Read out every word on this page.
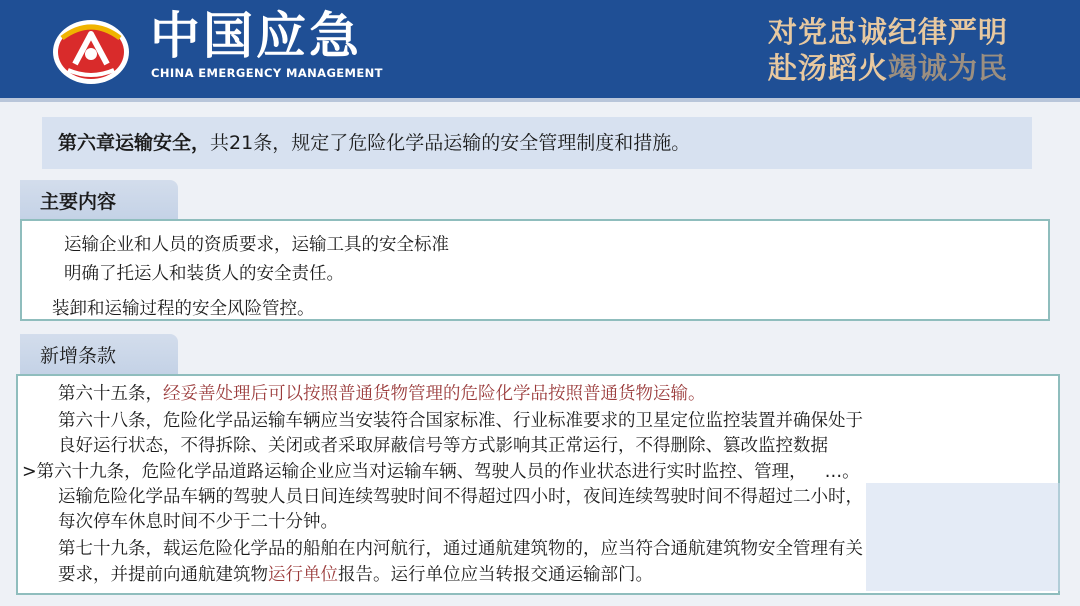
中国应急
CHINA EMERGENCY MANAGEMENT
对党忠诚纪律严明
赴汤蹈火竭诚为民
第六章运输安全，共21条，规定了危险化学品运输的安全管理制度和措施。
主要内容
运输企业和人员的资质要求，运输工具的安全标准
明确了托运人和装货人的安全责任。
装卸和运输过程的安全风险管控。
新增条款
第六十五条，经妥善处理后可以按照普通货物管理的危险化学品按照普通货物运输。
第六十八条，危险化学品运输车辆应当安装符合国家标准、行业标准要求的卫星定位监控装置并确保处于
良好运行状态，不得拆除、关闭或者采取屏蔽信号等方式影响其正常运行，不得删除、篡改监控数据
>第六十九条，危险化学品道路运输企业应当对运输车辆、驾驶人员的作业状态进行实时监控、管理， …。
运输危险化学品车辆的驾驶人员日间连续驾驶时间不得超过四小时，夜间连续驾驶时间不得超过二小时，
每次停车休息时间不少于二十分钟。
第七十九条，载运危险化学品的船舶在内河航行，通过通航建筑物的，应当符合通航建筑物安全管理有关
要求，并提前向通航建筑物运行单位报告。运行单位应当转报交通运输部门。
